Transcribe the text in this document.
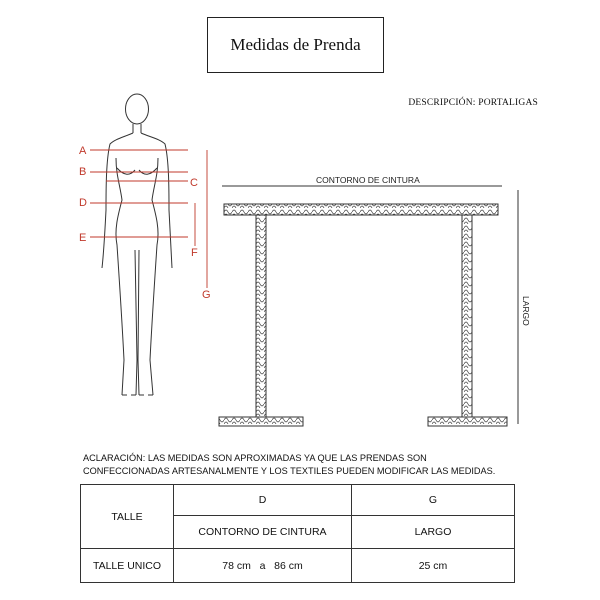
Medidas de Prenda
DESCRIPCIÓN: PORTALIGAS
A
B
C
D
E
F
G
CONTORNO DE CINTURA
LARGO
ACLARACIÓN: LAS MEDIDAS SON APROXIMADAS YA QUE LAS PRENDAS SON CONFECCIONADAS ARTESANALMENTE Y LOS TEXTILES PUEDEN MODIFICAR LAS MEDIDAS.
TALLE	D	G
	CONTORNO DE CINTURA	LARGO
TALLE UNICO	78 cm   a   86 cm	25 cm
